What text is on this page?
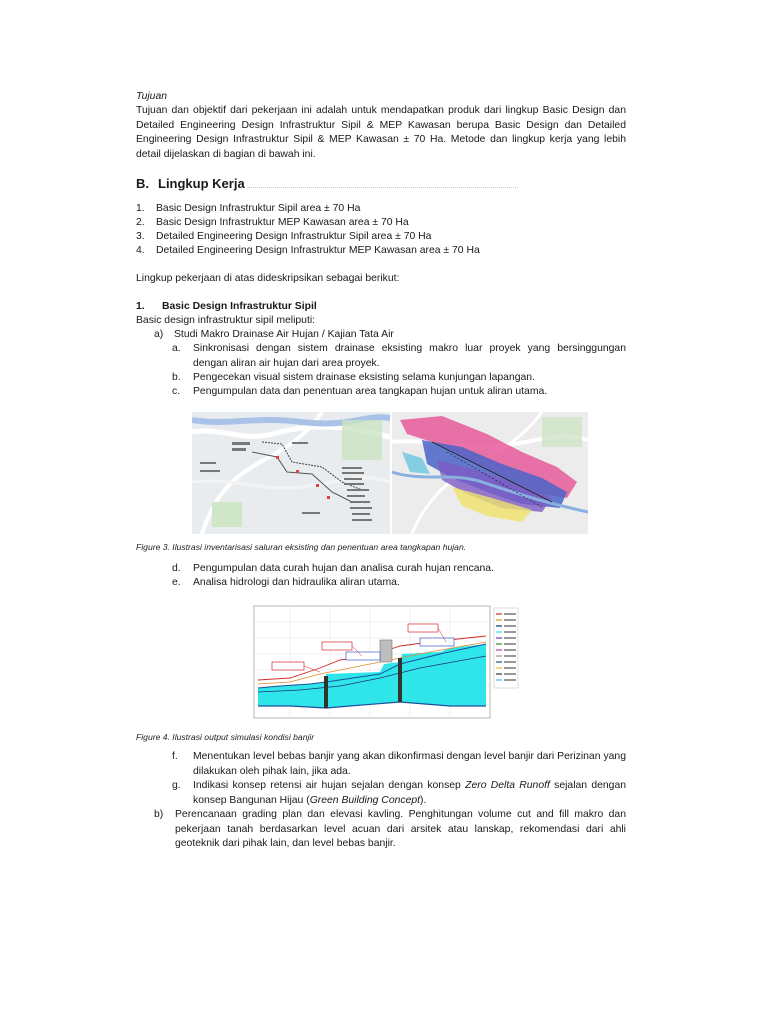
Tujuan
Tujuan dan objektif dari pekerjaan ini adalah untuk mendapatkan produk dari lingkup Basic Design dan Detailed Engineering Design Infrastruktur Sipil & MEP Kawasan berupa Basic Design dan Detailed Engineering Design Infrastruktur Sipil & MEP Kawasan ± 70 Ha. Metode dan lingkup kerja yang lebih detail dijelaskan di bagian di bawah ini.
B. Lingkup Kerja
1. Basic Design Infrastruktur Sipil area ± 70 Ha
2. Basic Design Infrastruktur MEP Kawasan area ± 70 Ha
3. Detailed Engineering Design Infrastruktur Sipil area ± 70 Ha
4. Detailed Engineering Design Infrastruktur MEP Kawasan area ± 70 Ha
Lingkup pekerjaan di atas dideskripsikan sebagai berikut:
1. Basic Design Infrastruktur Sipil
Basic design infrastruktur sipil meliputi:
a) Studi Makro Drainase Air Hujan / Kajian Tata Air
a. Sinkronisasi dengan sistem drainase eksisting makro luar proyek yang bersinggungan dengan aliran air hujan dari area proyek.
b. Pengecekan visual sistem drainase eksisting selama kunjungan lapangan.
c. Pengumpulan data dan penentuan area tangkapan hujan untuk aliran utama.
Figure 3. Ilustrasi inventarisasi saluran eksisting dan penentuan area tangkapan hujan.
d. Pengumpulan data curah hujan dan analisa curah hujan rencana.
e. Analisa hidrologi dan hidraulika aliran utama.
Figure 4. Ilustrasi output simulasi kondisi banjir
f. Menentukan level bebas banjir yang akan dikonfirmasi dengan level banjir dari Perizinan yang dilakukan oleh pihak lain, jika ada.
g. Indikasi konsep retensi air hujan sejalan dengan konsep Zero Delta Runoff sejalan dengan konsep Bangunan Hijau (Green Building Concept).
b) Perencanaan grading plan dan elevasi kavling. Penghitungan volume cut and fill makro dan pekerjaan tanah berdasarkan level acuan dari arsitek atau lanskap, rekomendasi dari ahli geoteknik dari pihak lain, dan level bebas banjir.
